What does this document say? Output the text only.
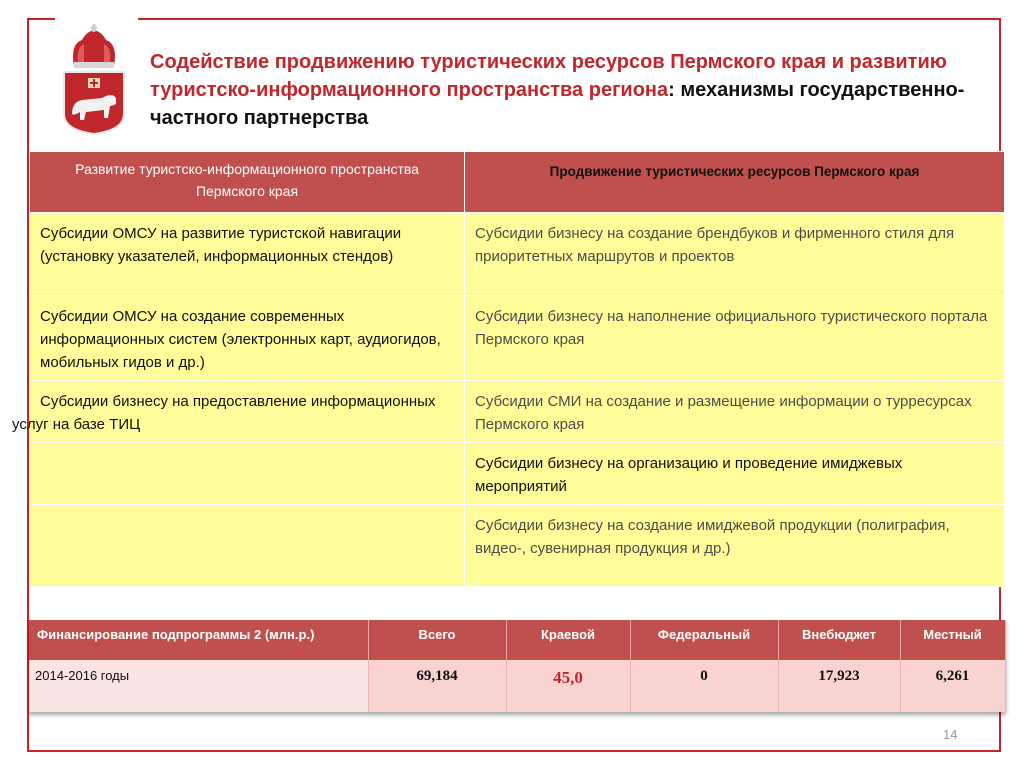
Содействие продвижению туристических ресурсов Пермского края и развитию туристско-информационного пространства региона: механизмы государственно-частного партнерства
Развитие туристско-информационного пространства Пермского края	Продвижение туристических ресурсов Пермского края
Субсидии ОМСУ на развитие туристской навигации (установку указателей, информационных стендов)	Субсидии бизнесу на создание брендбуков и фирменного стиля для приоритетных маршрутов и проектов
Субсидии ОМСУ на создание современных информационных систем (электронных карт, аудиогидов, мобильных гидов и др.)	Субсидии бизнесу на наполнение официального туристического портала Пермского края

Субсидии бизнесу на предоставление информационных услуг на базе ТИЦ	Субсидии СМИ на создание и размещение информации о турресурсах Пермского края
	Субсидии бизнесу на организацию и проведение имиджевых мероприятий
	Субсидии бизнесу на создание имиджевой продукции (полиграфия, видео-, сувенирная продукция и др.)
Финансирование подпрограммы 2 (млн.р.)	Всего	Краевой	Федеральный	Внебюджет	Местный
2014-2016 годы	69,184	45,0	0	17,923	6,261
14
